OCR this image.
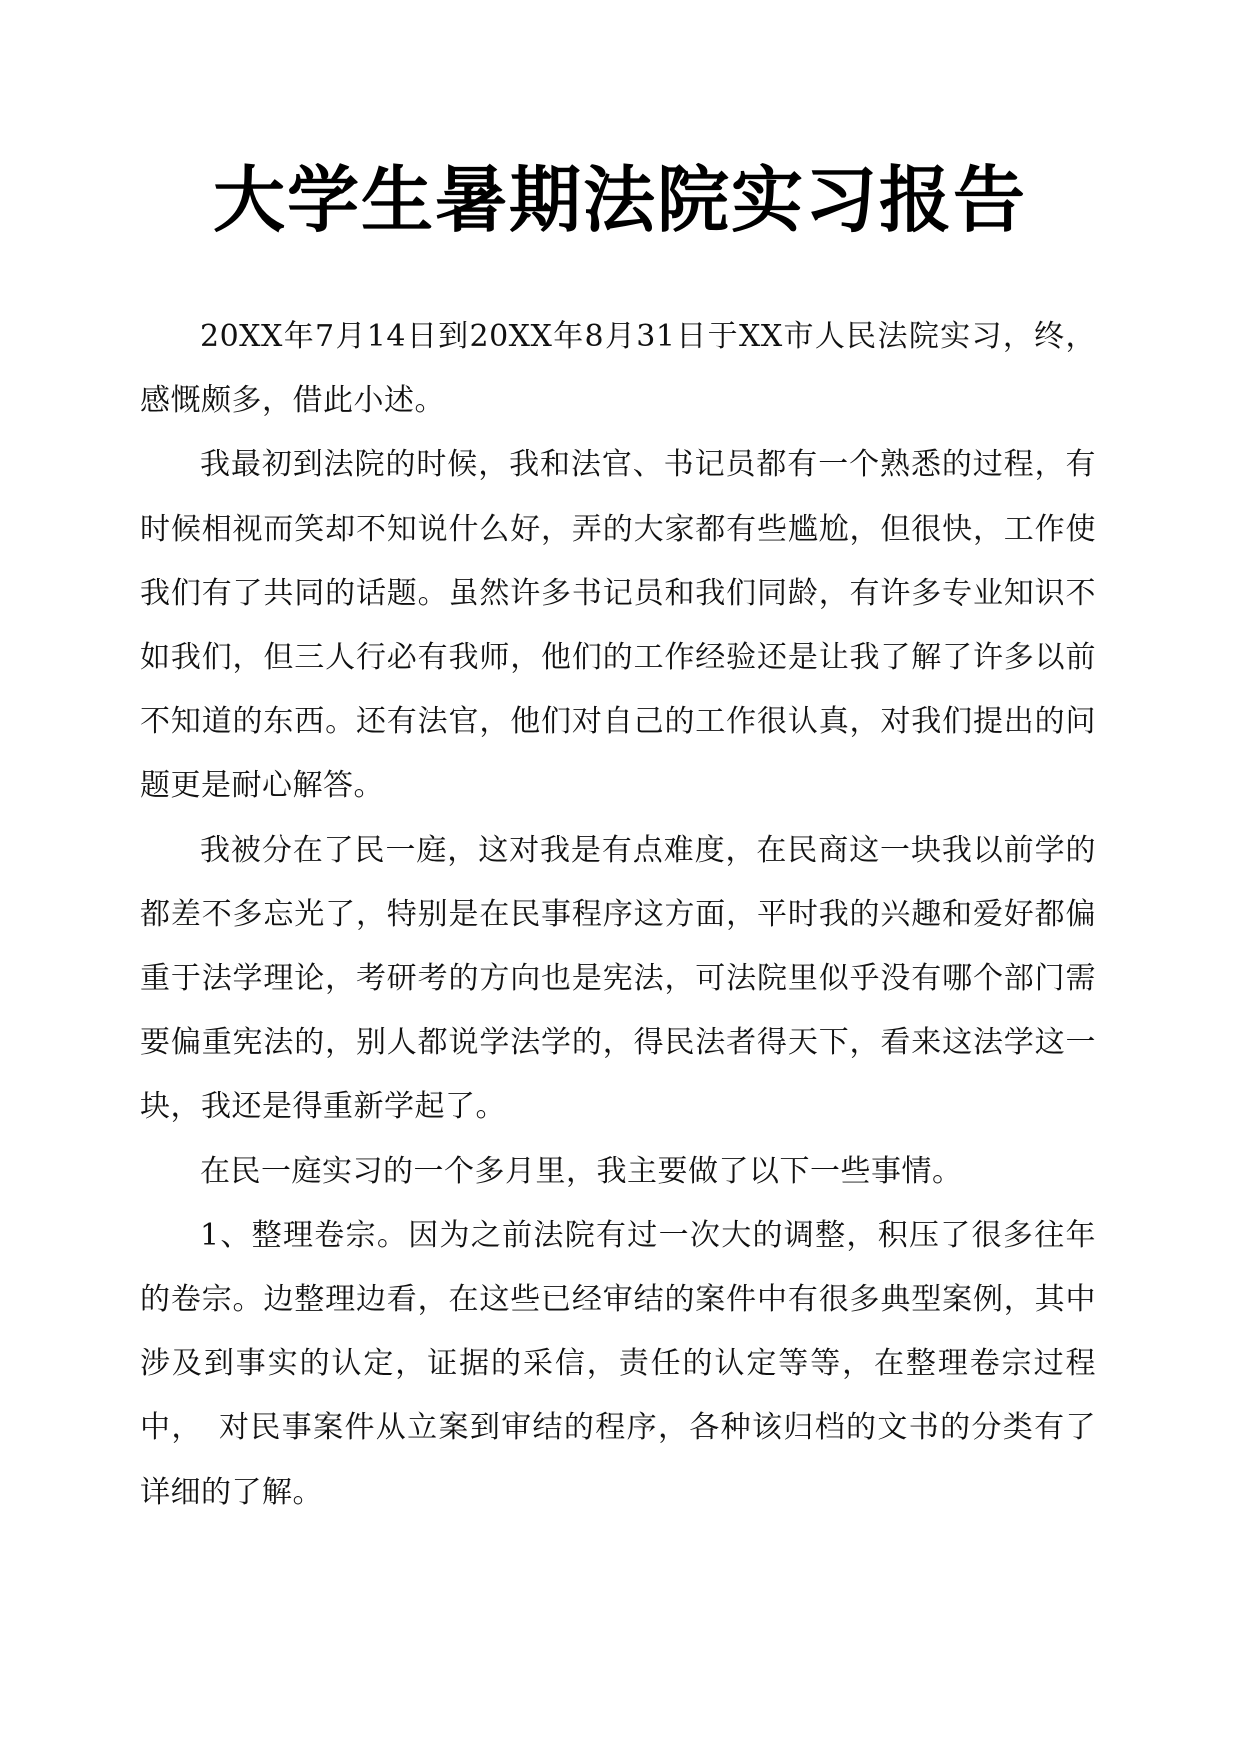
大学生暑期法院实习报告

20XX年7月14日到20XX年8月31日于XX市人民法院实习，终，感慨颇多，借此小述。

我最初到法院的时候，我和法官、书记员都有一个熟悉的过程，有时候相视而笑却不知说什么好，弄的大家都有些尴尬，但很快，工作使我们有了共同的话题。虽然许多书记员和我们同龄，有许多专业知识不如我们，但三人行必有我师，他们的工作经验还是让我了解了许多以前不知道的东西。还有法官，他们对自己的工作很认真，对我们提出的问题更是耐心解答。

我被分在了民一庭，这对我是有点难度，在民商这一块我以前学的都差不多忘光了，特别是在民事程序这方面，平时我的兴趣和爱好都偏重于法学理论，考研考的方向也是宪法，可法院里似乎没有哪个部门需要偏重宪法的，别人都说学法学的，得民法者得天下，看来这法学这一块，我还是得重新学起了。

在民一庭实习的一个多月里，我主要做了以下一些事情。

1、整理卷宗。因为之前法院有过一次大的调整，积压了很多往年的卷宗。边整理边看，在这些已经审结的案件中有很多典型案例，其中涉及到事实的认定，证据的采信，责任的认定等等，在整理卷宗过程中，　对民事案件从立案到审结的程序，各种该归档的文书的分类有了详细的了解。
